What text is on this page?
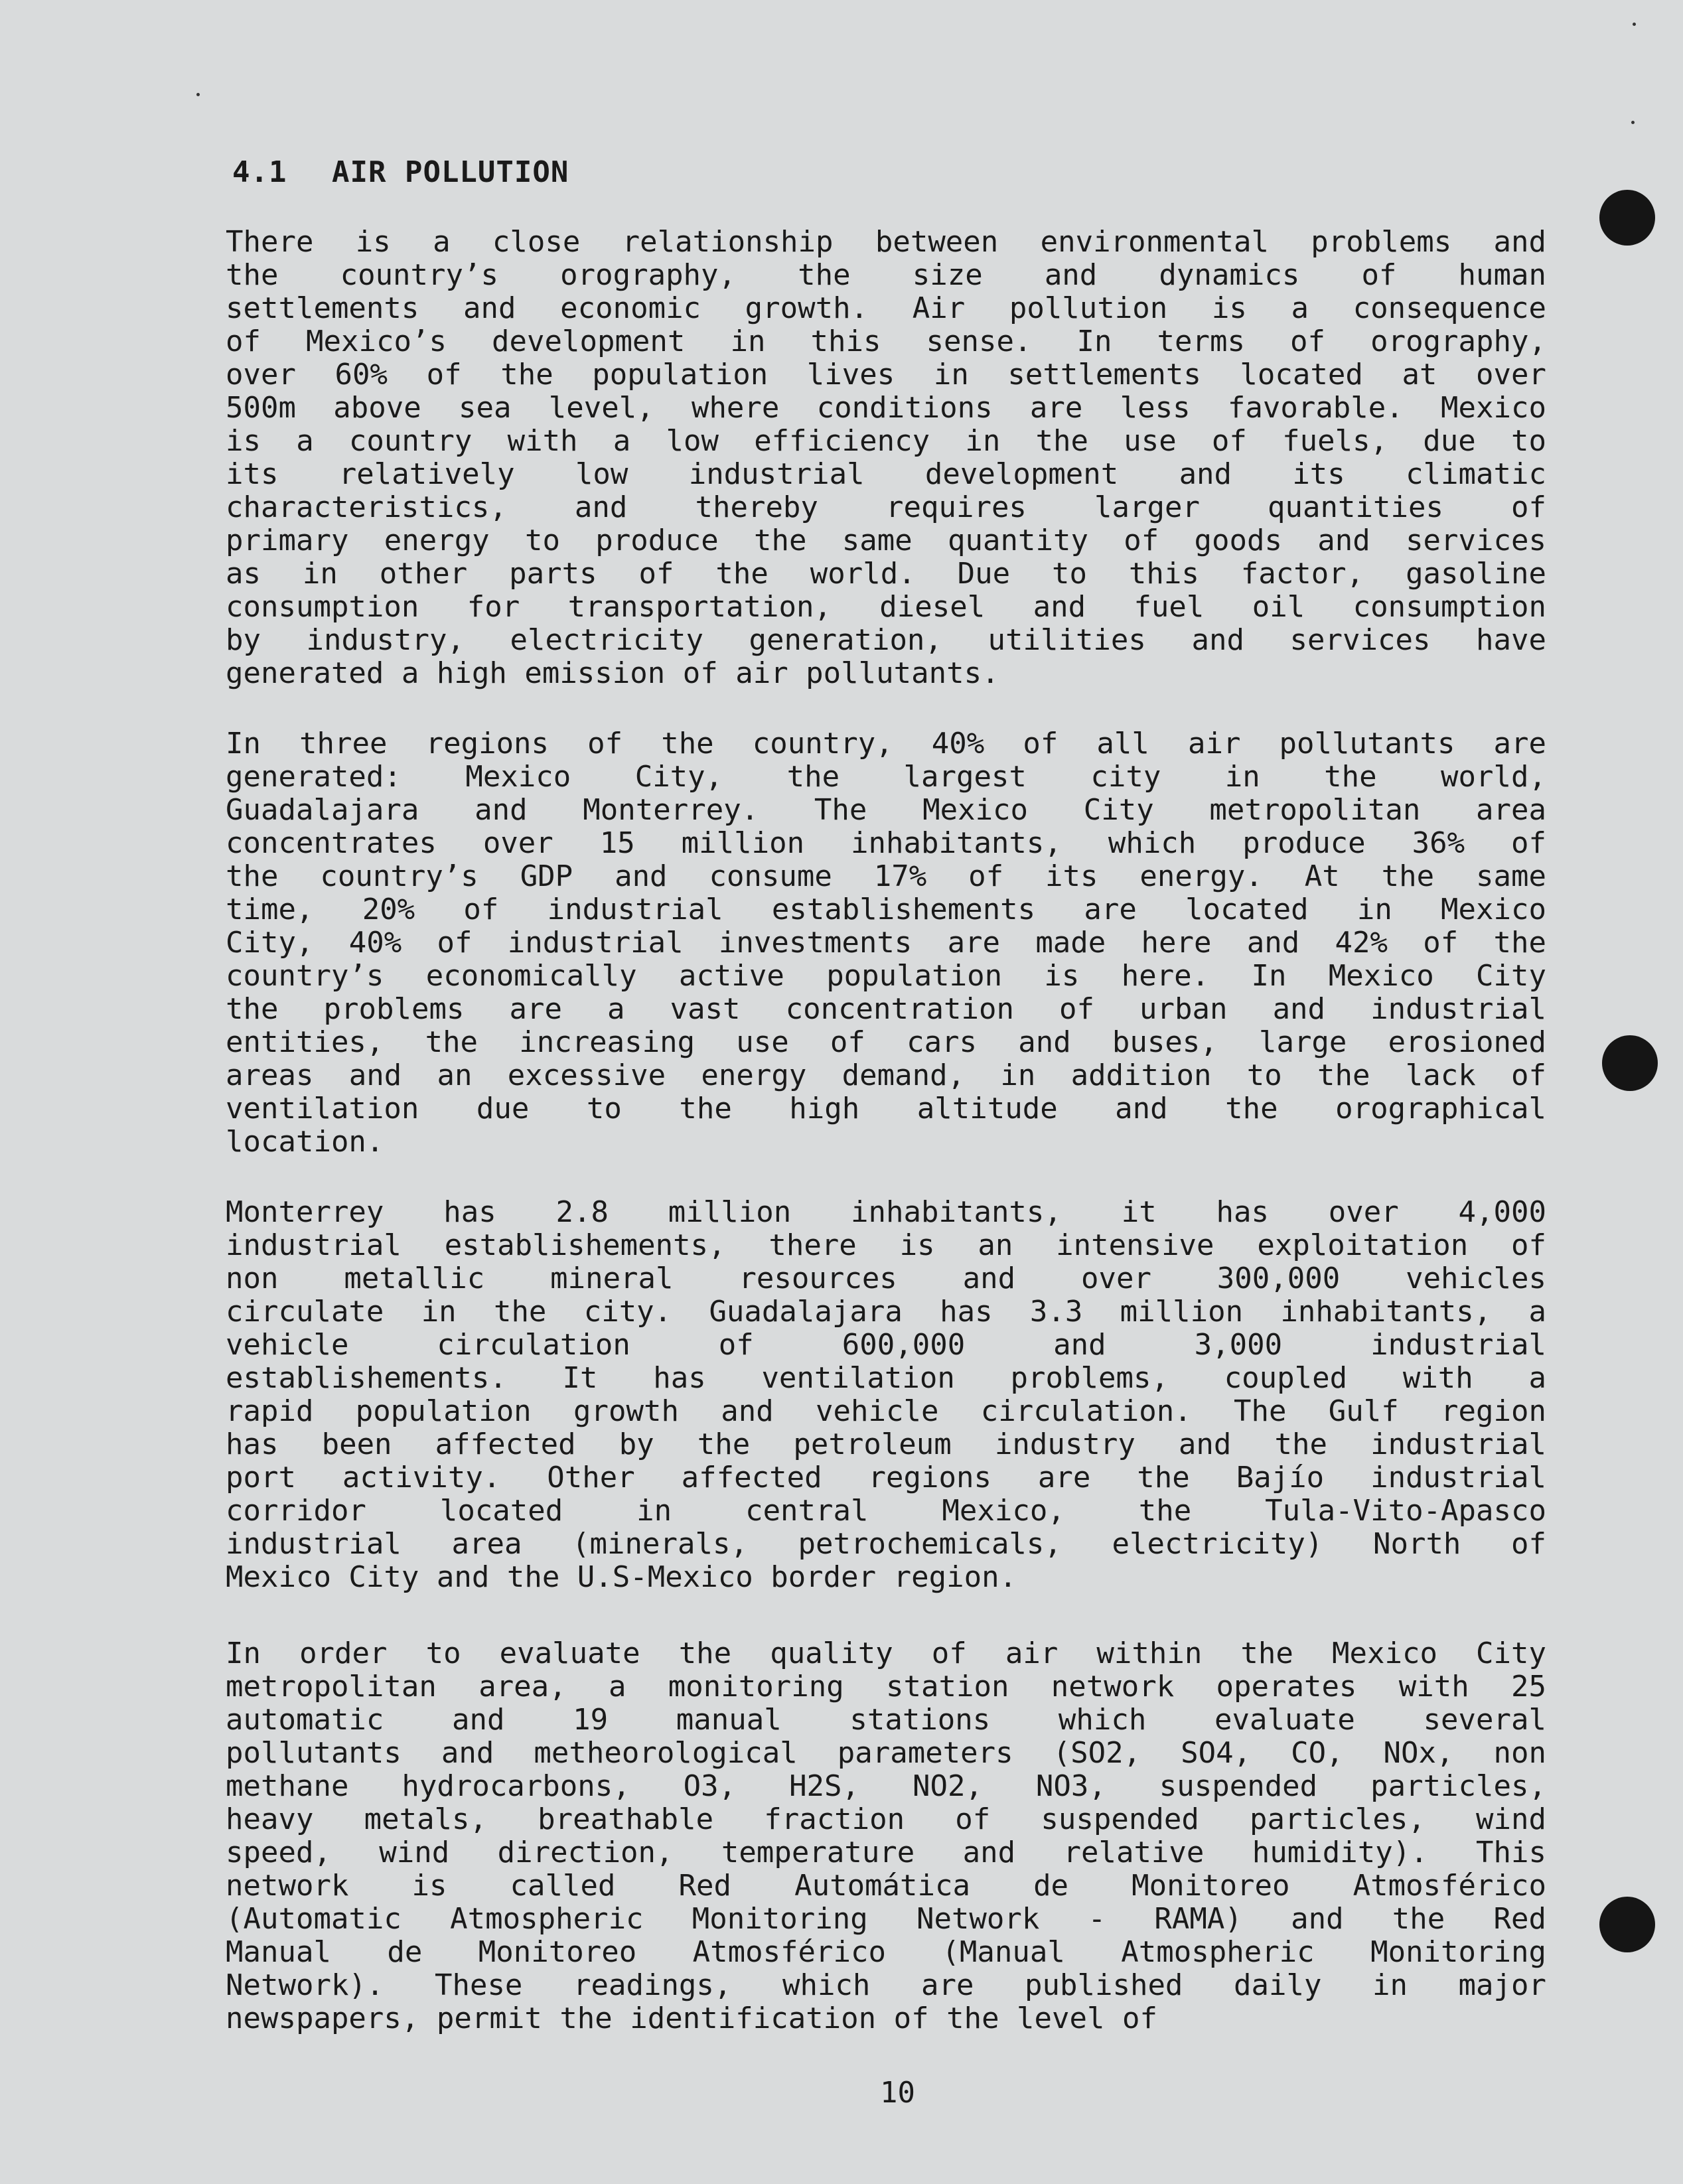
4.1 AIR POLLUTION
There is a close relationship between environmental problems and
the country’s orography, the size and dynamics of human
settlements and economic growth. Air pollution is a consequence
of Mexico’s development in this sense. In terms of orography,
over 60% of the population lives in settlements located at over
500m above sea level, where conditions are less favorable. Mexico
is a country with a low efficiency in the use of fuels, due to
its relatively low industrial development and its climatic
characteristics, and thereby requires larger quantities of
primary energy to produce the same quantity of goods and services
as in other parts of the world. Due to this factor, gasoline
consumption for transportation, diesel and fuel oil consumption
by industry, electricity generation, utilities and services have
generated a high emission of air pollutants.
In three regions of the country, 40% of all air pollutants are
generated: Mexico City, the largest city in the world,
Guadalajara and Monterrey. The Mexico City metropolitan area
concentrates over 15 million inhabitants, which produce 36% of
the country’s GDP and consume 17% of its energy. At the same
time, 20% of industrial establishements are located in Mexico
City, 40% of industrial investments are made here and 42% of the
country’s economically active population is here. In Mexico City
the problems are a vast concentration of urban and industrial
entities, the increasing use of cars and buses, large erosioned
areas and an excessive energy demand, in addition to the lack of
ventilation due to the high altitude and the orographical
location.
Monterrey has 2.8 million inhabitants, it has over 4,000
industrial establishements, there is an intensive exploitation of
non metallic mineral resources and over 300,000 vehicles
circulate in the city. Guadalajara has 3.3 million inhabitants, a
vehicle circulation of 600,000 and 3,000 industrial
establishements. It has ventilation problems, coupled with a
rapid population growth and vehicle circulation. The Gulf region
has been affected by the petroleum industry and the industrial
port activity. Other affected regions are the Bajío industrial
corridor located in central Mexico, the Tula-Vito-Apasco
industrial area (minerals, petrochemicals, electricity) North of
Mexico City and the U.S-Mexico border region.
In order to evaluate the quality of air within the Mexico City
metropolitan area, a monitoring station network operates with 25
automatic and 19 manual stations which evaluate several
pollutants and metheorological parameters (SO2, SO4, CO, NOx, non
methane hydrocarbons, O3, H2S, NO2, NO3, suspended particles,
heavy metals, breathable fraction of suspended particles, wind
speed, wind direction, temperature and relative humidity). This
network is called Red Automática de Monitoreo Atmosférico
(Automatic Atmospheric Monitoring Network - RAMA) and the Red
Manual de Monitoreo Atmosférico (Manual Atmospheric Monitoring
Network). These readings, which are published daily in major
newspapers, permit the identification of the level of
10
